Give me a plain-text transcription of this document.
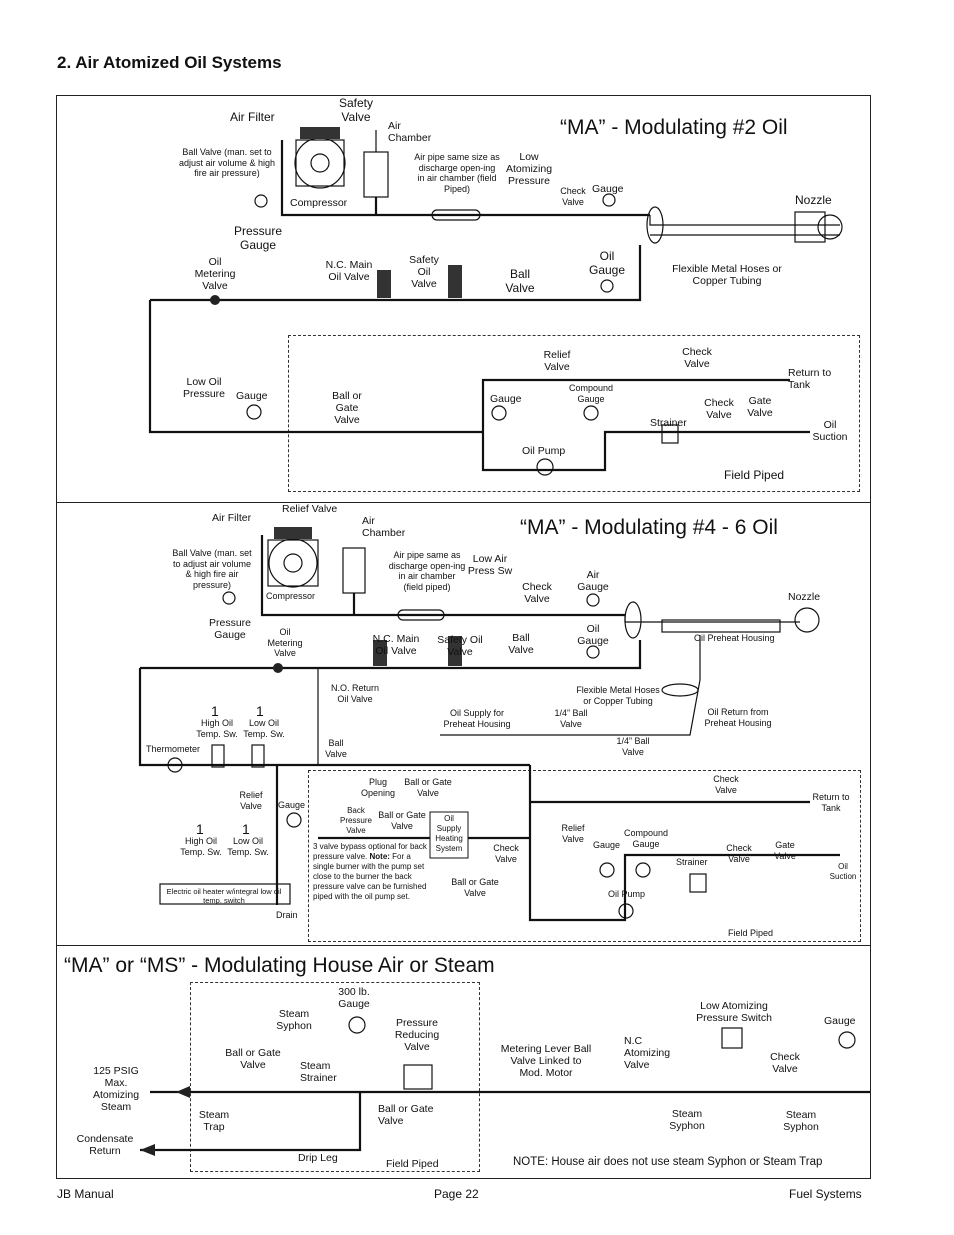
2. Air Atomized Oil Systems
“MA” - Modulating #2 Oil
Air Filter
Safety Valve
Air Chamber
Ball Valve (man. set to adjust air volume & high fire air pressure)
Compressor
Pressure Gauge
Air pipe same size as discharge open-ing in air chamber (field Piped)
Low Atomizing Pressure
Check Valve
Gauge
Nozzle
Oil Metering Valve
N.C. Main Oil Valve
Safety Oil Valve
Ball Valve
Oil Gauge	Flexible Metal Hoses or Copper Tubing
Low Oil Pressure	Gauge	Ball or Gate Valve
Relief Valve
Compound Gauge
Check Valve
Return to Tank
Gauge
Strainer
Check Valve
Gate Valve
Oil Suction
Oil Pump
Field Piped
“MA” - Modulating #4 - 6 Oil
Relief Valve
Air Filter	Air Chamber
Ball Valve (man. set to adjust air volume & high fire air pressure)
Compressor
Air pipe same as discharge open-ing in air chamber (field piped)
Low Air Press Sw
Check Valve
Air Gauge
Nozzle
Pressure Gauge	Oil Metering Valve
N.C. Main Oil Valve
Safety Oil Valve
Ball Valve
Oil Gauge	Oil Preheat Housing
N.O. Return Oil Valve
Flexible Metal Hoses or Copper Tubing
Oil Return from Preheat Housing
Oil Supply for Preheat Housing
1/4” Ball Valve
1/4” Ball Valve
1	1
High Oil Temp. Sw.
Low Oil Temp. Sw.
Thermometer
Ball Valve
Plug Opening
Ball or Gate Valve
Check Valve
Return to Tank
Relief Valve	Gauge
Back Pressure Valve
Ball or Gate Valve
Oil Supply Heating System
Relief Valve
Compound Gauge
1	1
High Oil Temp. Sw.
Low Oil Temp. Sw.	3 valve bypass optional for back pressure valve. Note: For a single burner with the pump set close to the burner the back pressure valve can be furnished piped with the oil pump set.
Check Valve
Gauge
Strainer
Check Valve
Gate Valve
Oil Suction
Electric oil heater w/integral low oil temp. switch
Ball or Gate Valve	Oil Pump
Drain
Field Piped
“MA” or “MS” - Modulating House Air or Steam
300 lb. Gauge
Steam Syphon	Pressure Reducing Valve	Metering Lever Ball Valve Linked to Mod. Motor
N.C Atomizing Valve
Low Atomizing Pressure Switch
Check Valve
Gauge
125 PSIG Max. Atomizing Steam
Ball or Gate Valve	Steam Strainer
Steam Trap
Ball or Gate Valve
Steam Syphon
Steam Syphon
Condensate Return
Drip Leg	Field Piped	NOTE: House air does not use steam Syphon or Steam Trap
JB Manual	Page 22	Fuel Systems
